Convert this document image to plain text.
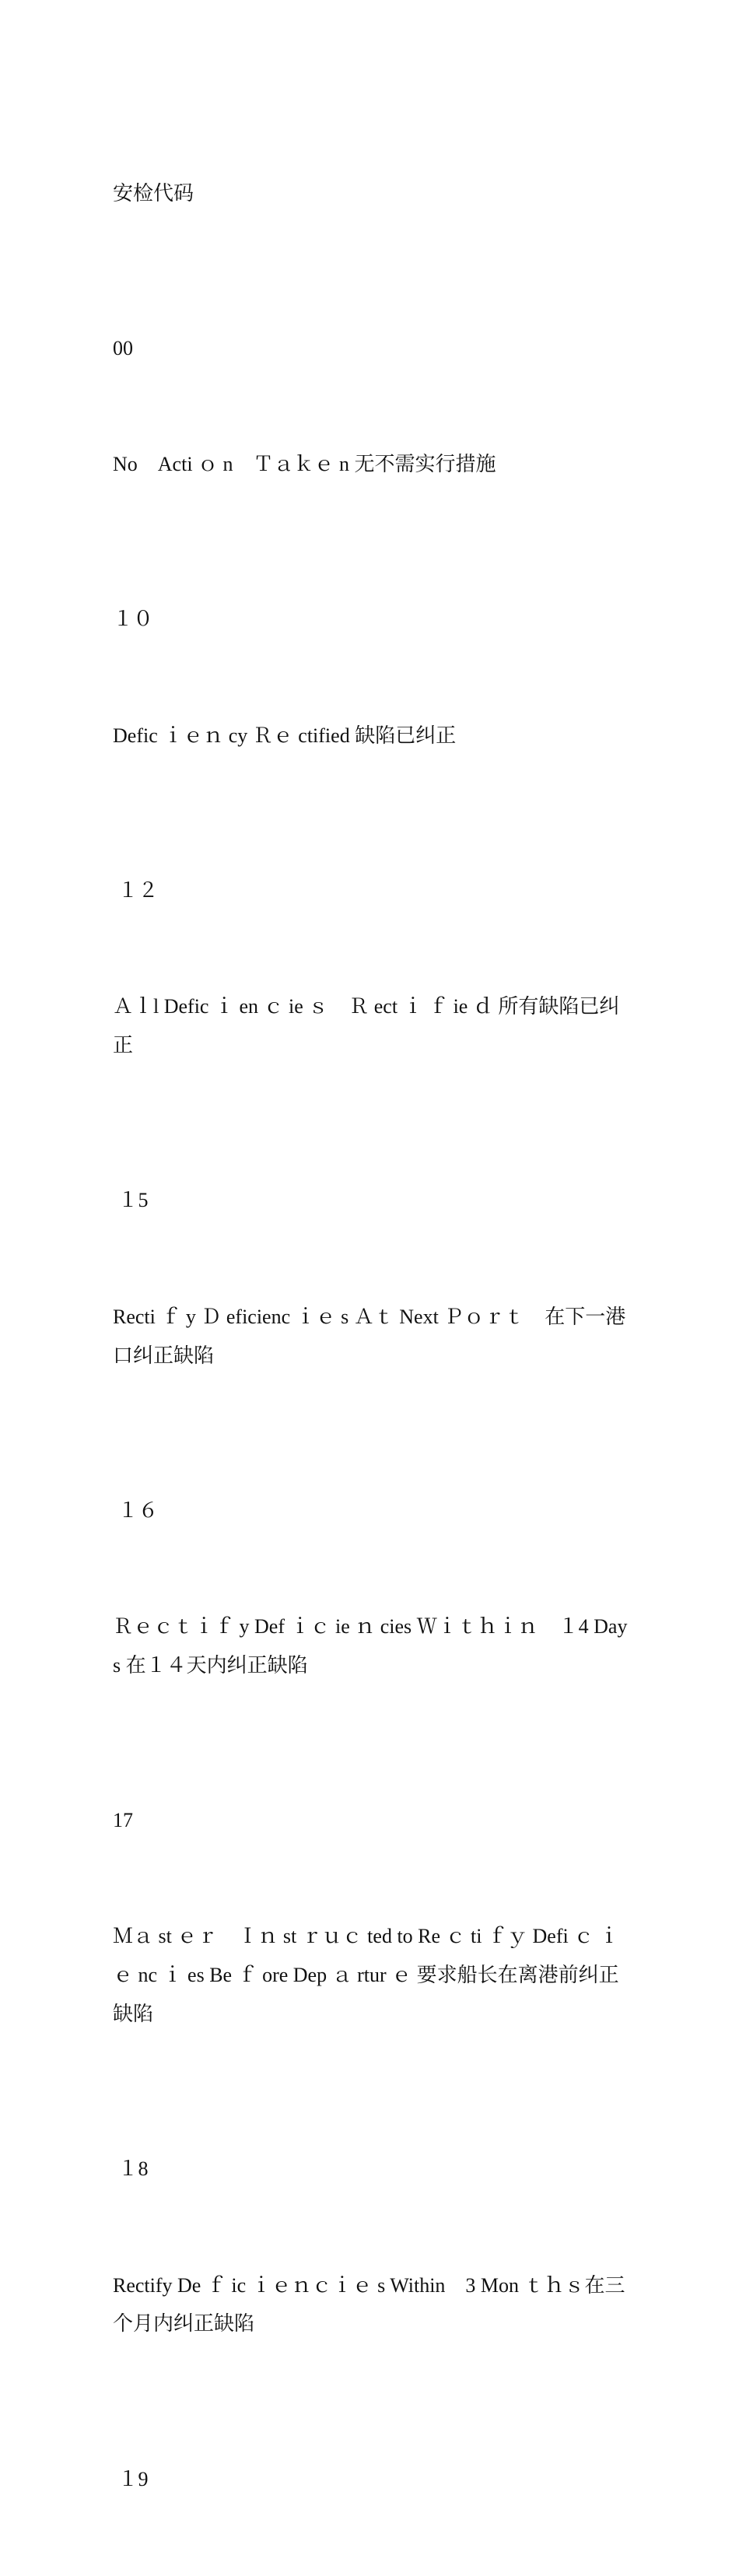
安检代码

00

No　Acti ｏ n　Ｔａｋｅ n 无不需实行措施

１０

Defic ｉｅｎ cy Ｒｅ ctified 缺陷已纠正

１２

Ａｌl Defic ｉ en ｃ ie ｓ　Ｒ ect ｉ ｆ ie ｄ 所有缺陷已纠正

１5

Recti ｆ y Ｄ eficienc ｉｅ s Ａｔ Next Ｐｏｒｔ　在下一港口纠正缺陷

１６

Ｒｅｃｔｉｆ y Def ｉｃ ie ｎ cies Ｗｉｔｈｉｎ　１4 Days 在１４天内纠正缺陷

17

Ｍａ st ｅｒ　Ｉｎ st ｒｕｃ ted to Re ｃ ti ｆｙ Defi ｃ ｉｅ nc ｉ es Be ｆ ore Dep ａ rtur ｅ 要求船长在离港前纠正缺陷

１8

Rectify De ｆ ic ｉｅｎｃｉｅ s Within　3 Mon ｔｈｓ在三个月内纠正缺陷

１9
